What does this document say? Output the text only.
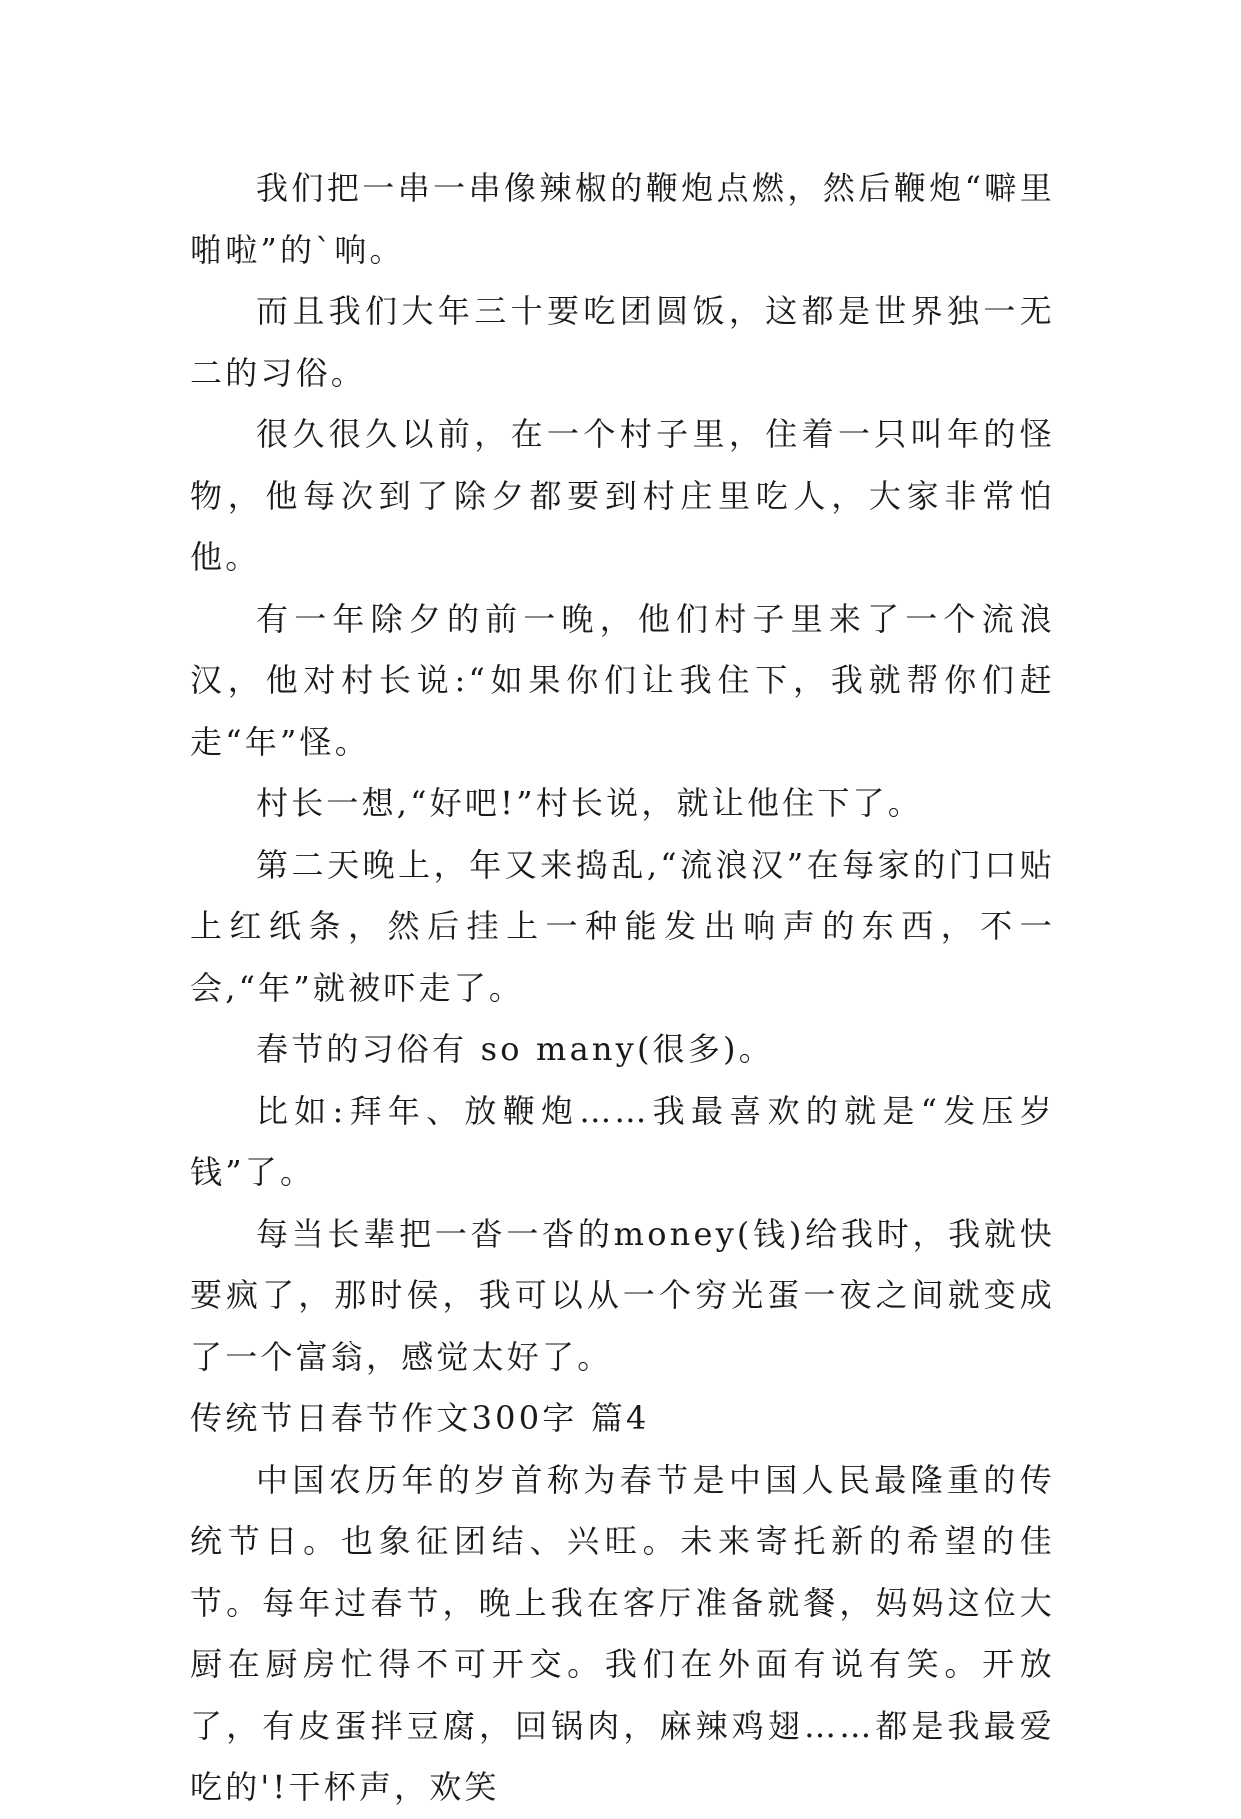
我们把一串一串像辣椒的鞭炮点燃，然后鞭炮“噼里啪啦”的`响。

而且我们大年三十要吃团圆饭，这都是世界独一无二的习俗。

很久很久以前，在一个村子里，住着一只叫年的怪物，他每次到了除夕都要到村庄里吃人，大家非常怕他。

有一年除夕的前一晚，他们村子里来了一个流浪汉，他对村长说:“如果你们让我住下，我就帮你们赶走“年”怪。

村长一想,“好吧!”村长说，就让他住下了。

第二天晚上，年又来捣乱,“流浪汉”在每家的门口贴上红纸条，然后挂上一种能发出响声的东西，不一会,“年”就被吓走了。

春节的习俗有 so many(很多)。

比如:拜年、放鞭炮……我最喜欢的就是“发压岁钱”了。

每当长辈把一沓一沓的money(钱)给我时，我就快要疯了，那时侯，我可以从一个穷光蛋一夜之间就变成了一个富翁，感觉太好了。

传统节日春节作文300字 篇4

中国农历年的岁首称为春节是中国人民最隆重的传统节日。也象征团结、兴旺。未来寄托新的希望的佳节。每年过春节，晚上我在客厅准备就餐，妈妈这位大厨在厨房忙得不可开交。我们在外面有说有笑。开放了，有皮蛋拌豆腐，回锅肉，麻辣鸡翅……都是我最爱吃的'!干杯声，欢笑
